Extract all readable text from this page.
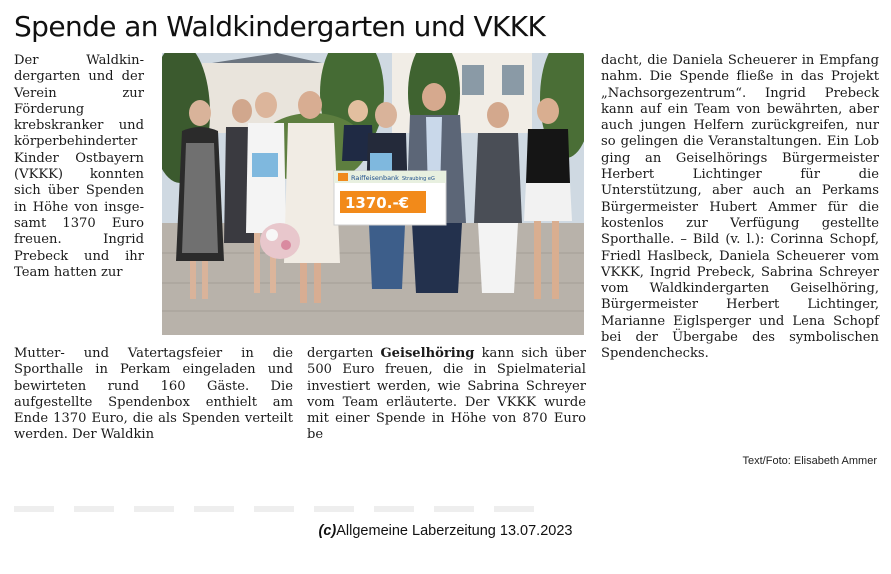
Spende an Waldkindergarten und VKKK

Der Waldkindergarten und der Verein zur Förderung krebskranker und körperbehinderter Kinder Ostbayern (VKKK) konnten sich über Spenden in Höhe von insgesamt 1370 Euro freuen. Ingrid Prebeck und ihr Team hatten zur

Raiffeisenbank Straubing eG
1370.-€

Mutter- und Vatertagsfeier in die Sporthalle in Perkam eingeladen und bewirteten rund 160 Gäste. Die aufgestellte Spendenbox enthielt am Ende 1370 Euro, die als Spenden verteilt werden. Der Waldkin

dergarten Geiselhöring kann sich über 500 Euro freuen, die in Spielmaterial investiert werden, wie Sabrina Schreyer vom Team erläuterte. Der VKKK wurde mit einer Spende in Höhe von 870 Euro be

dacht, die Daniela Scheuerer in Empfang nahm. Die Spende fließe in das Projekt „Nachsorgezentrum“. Ingrid Prebeck kann auf ein Team von bewährten, aber auch jungen Helfern zurückgreifen, nur so gelingen die Veranstaltungen. Ein Lob ging an Geiselhörings Bürgermeister Herbert Lichtinger für die Unterstützung, aber auch an Perkams Bürgermeister Hubert Ammer für die kostenlos zur Verfügung gestellte Sporthalle. – Bild (v. l.): Corinna Schopf, Friedl Haslbeck, Daniela Scheuerer vom VKKK, Ingrid Prebeck, Sabrina Schreyer vom Waldkindergarten Geiselhöring, Bürgermeister Herbert Lichtinger, Marianne Eiglsperger und Lena Schopf bei der Übergabe des symbolischen Spendenchecks.

Text/Foto: Elisabeth Ammer

(c)Allgemeine Laberzeitung 13.07.2023
